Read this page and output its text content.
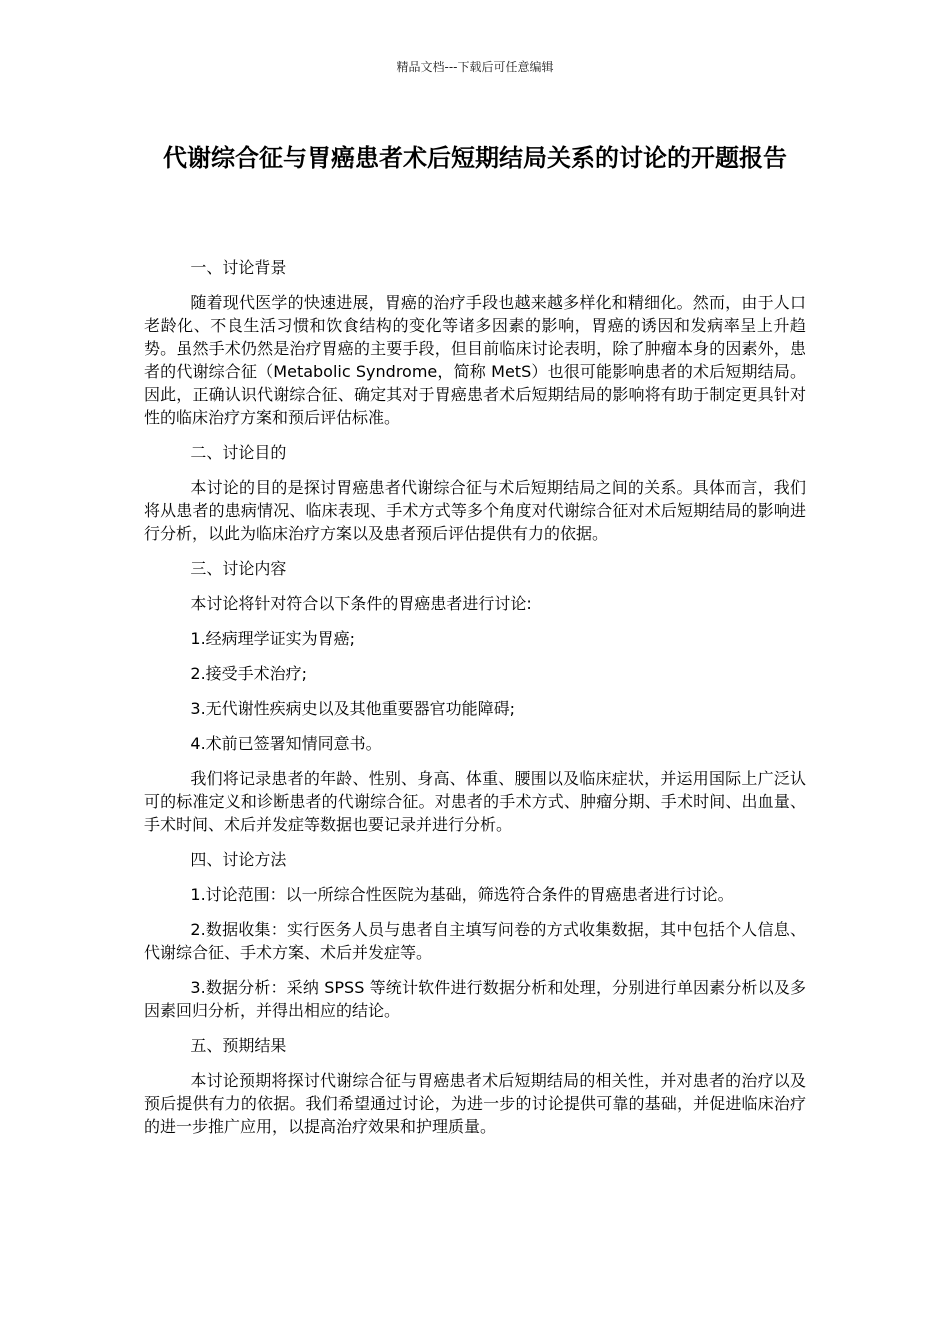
精品文档---下载后可任意编辑
代谢综合征与胃癌患者术后短期结局关系的讨论的开题报告

一、讨论背景

随着现代医学的快速进展，胃癌的治疗手段也越来越多样化和精细化。然而，由于人口老龄化、不良生活习惯和饮食结构的变化等诸多因素的影响，胃癌的诱因和发病率呈上升趋势。虽然手术仍然是治疗胃癌的主要手段，但目前临床讨论表明，除了肿瘤本身的因素外，患者的代谢综合征（Metabolic Syndrome，简称 MetS）也很可能影响患者的术后短期结局。因此，正确认识代谢综合征、确定其对于胃癌患者术后短期结局的影响将有助于制定更具针对性的临床治疗方案和预后评估标准。

二、讨论目的

本讨论的目的是探讨胃癌患者代谢综合征与术后短期结局之间的关系。具体而言，我们将从患者的患病情况、临床表现、手术方式等多个角度对代谢综合征对术后短期结局的影响进行分析，以此为临床治疗方案以及患者预后评估提供有力的依据。

三、讨论内容

本讨论将针对符合以下条件的胃癌患者进行讨论:

1.经病理学证实为胃癌;

2.接受手术治疗;

3.无代谢性疾病史以及其他重要器官功能障碍;

4.术前已签署知情同意书。

我们将记录患者的年龄、性别、身高、体重、腰围以及临床症状，并运用国际上广泛认可的标准定义和诊断患者的代谢综合征。对患者的手术方式、肿瘤分期、手术时间、出血量、手术时间、术后并发症等数据也要记录并进行分析。

四、讨论方法

1.讨论范围：以一所综合性医院为基础，筛选符合条件的胃癌患者进行讨论。

2.数据收集：实行医务人员与患者自主填写问卷的方式收集数据，其中包括个人信息、代谢综合征、手术方案、术后并发症等。

3.数据分析：采纳 SPSS 等统计软件进行数据分析和处理，分别进行单因素分析以及多因素回归分析，并得出相应的结论。

五、预期结果

本讨论预期将探讨代谢综合征与胃癌患者术后短期结局的相关性，并对患者的治疗以及预后提供有力的依据。我们希望通过讨论，为进一步的讨论提供可靠的基础，并促进临床治疗的进一步推广应用，以提高治疗效果和护理质量。
